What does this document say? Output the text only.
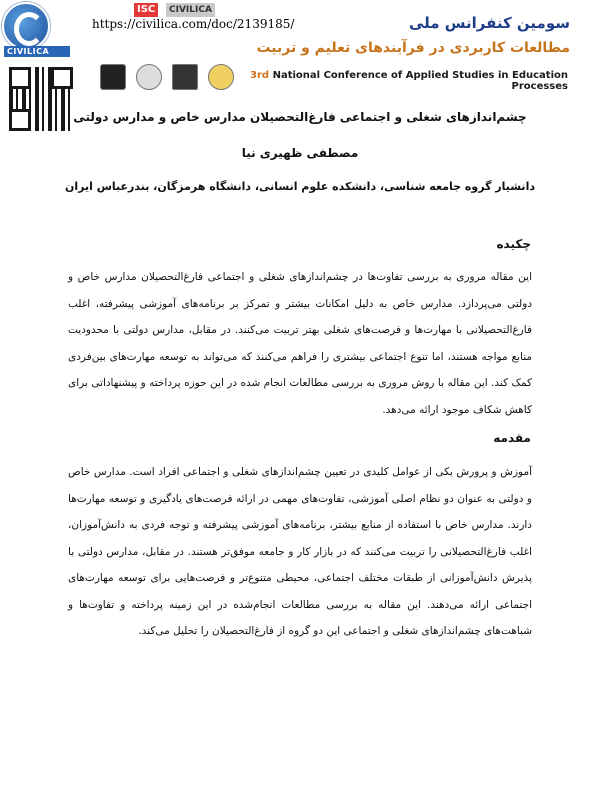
CIVILICA
ISC	CIVILICA
https://civilica.com/doc/2139185/	سومین کنفرانس ملی
مطالعات کاربردی در فرآیندهای تعلیم و تربیت
3rd National Conference of Applied Studies in Education Processes
چشم‌اندازهای شغلی و اجتماعی فارغ‌التحصیلان مدارس خاص و مدارس دولتی
مصطفی ظهیری نیا
دانشیار گروه جامعه شناسی، دانشکده علوم انسانی، دانشگاه هرمزگان، بندرعباس ایران
چکیده
این مقاله مروری به بررسی تفاوت‌ها در چشم‌اندازهای شغلی و اجتماعی فارغ‌التحصیلان مدارس خاص و دولتی می‌پردازد. مدارس خاص به دلیل امکانات بیشتر و تمرکز بر برنامه‌های آموزشی پیشرفته، اغلب فارغ‌التحصیلانی با مهارت‌ها و فرصت‌های شغلی بهتر تربیت می‌کنند. در مقابل، مدارس دولتی با محدودیت منابع مواجه هستند، اما تنوع اجتماعی بیشتری را فراهم می‌کنند که می‌تواند به توسعه مهارت‌های بین‌فردی کمک کند. این مقاله با روش مروری به بررسی مطالعات انجام شده در این حوزه پرداخته و پیشنهاداتی برای کاهش شکاف موجود ارائه می‌دهد.
مقدمه
آموزش و پرورش یکی از عوامل کلیدی در تعیین چشم‌اندازهای شغلی و اجتماعی افراد است. مدارس خاص و دولتی به عنوان دو نظام اصلی آموزشی، تفاوت‌های مهمی در ارائه فرصت‌های یادگیری و توسعه مهارت‌ها دارند. مدارس خاص با استفاده از منابع بیشتر، برنامه‌های آموزشی پیشرفته و توجه فردی به دانش‌آموزان، اغلب فارغ‌التحصیلانی را تربیت می‌کنند که در بازار کار و جامعه موفق‌تر هستند. در مقابل، مدارس دولتی با پذیرش دانش‌آموزانی از طبقات مختلف اجتماعی، محیطی متنوع‌تر و فرصت‌هایی برای توسعه مهارت‌های اجتماعی ارائه می‌دهند. این مقاله به بررسی مطالعات انجام‌شده در این زمینه پرداخته و تفاوت‌ها و شباهت‌های چشم‌اندازهای شغلی و اجتماعی این دو گروه از فارغ‌التحصیلان را تحلیل می‌کند.
